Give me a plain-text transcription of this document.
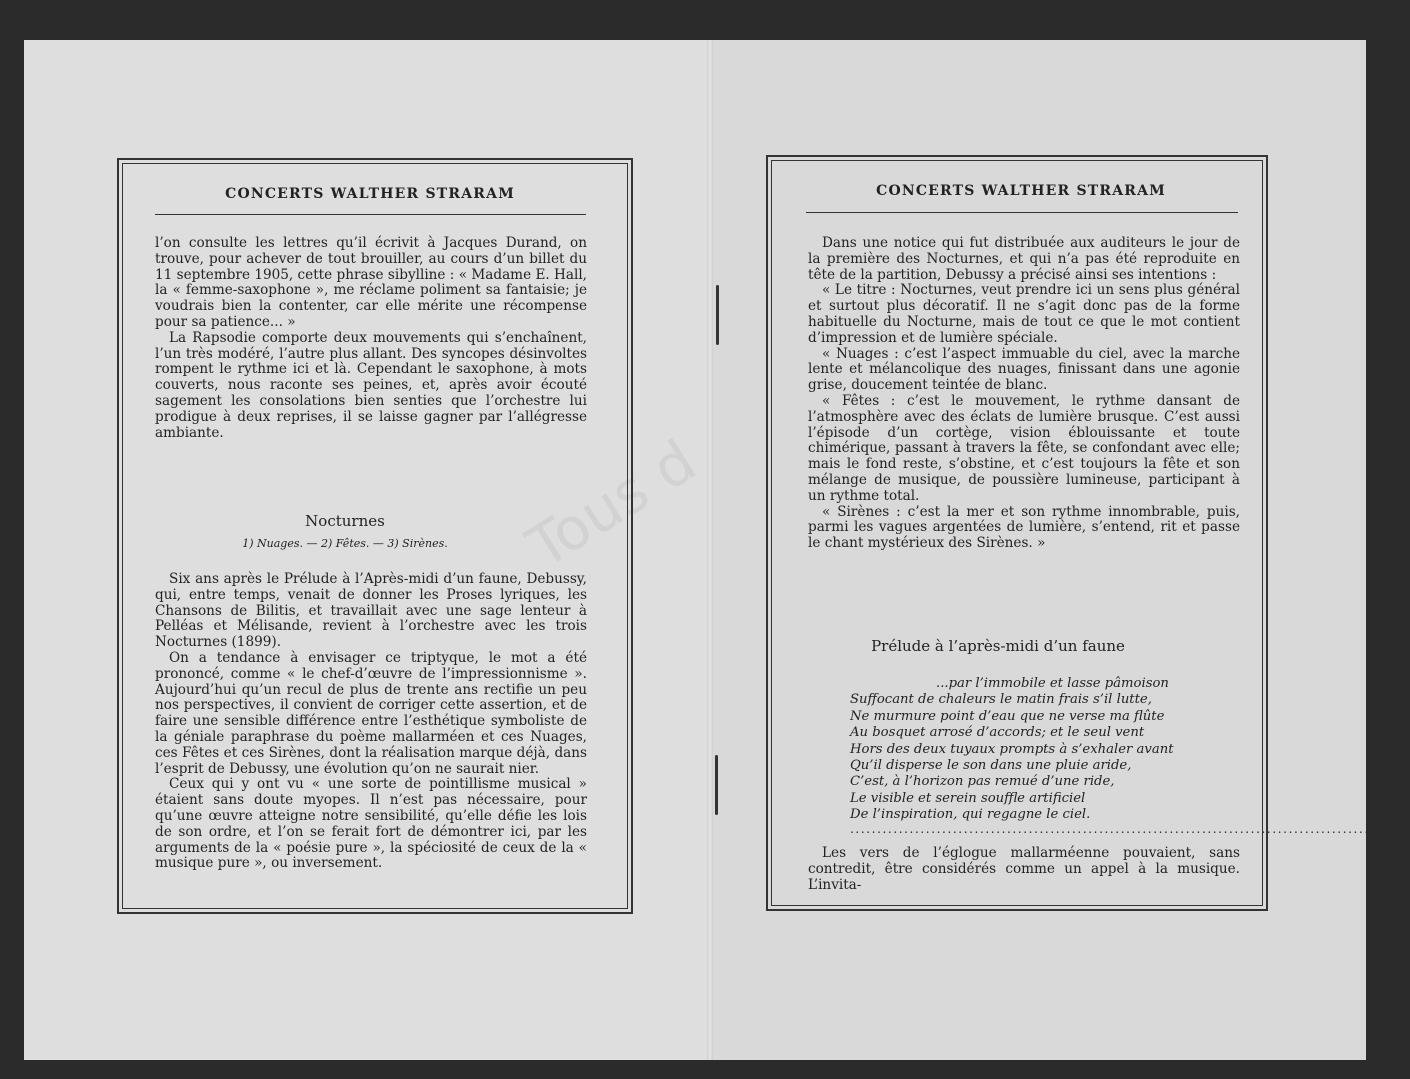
Tous d
CONCERTS WALTHER STRARAM

l’on consulte les lettres qu’il écrivit à Jacques Durand, on trouve, pour achever de tout brouiller, au cours d’un billet du 11 septembre 1905, cette phrase sibylline : « Madame E. Hall, la « femme-saxophone », me réclame poliment sa fantaisie; je voudrais bien la contenter, car elle mérite une récompense pour sa patience... »

La Rapsodie comporte deux mouvements qui s’enchaînent, l’un très modéré, l’autre plus allant. Des syncopes désinvoltes rompent le rythme ici et là. Cependant le saxophone, à mots couverts, nous raconte ses peines, et, après avoir écouté sagement les consolations bien senties que l’orchestre lui prodigue à deux reprises, il se laisse gagner par l’allégresse ambiante.

Nocturnes
1) Nuages. — 2) Fêtes. — 3) Sirènes.

Six ans après le Prélude à l’Après-midi d’un faune, Debussy, qui, entre temps, venait de donner les Proses lyriques, les Chansons de Bilitis, et travaillait avec une sage lenteur à Pelléas et Mélisande, revient à l’orchestre avec les trois Nocturnes (1899).

On a tendance à envisager ce triptyque, le mot a été prononcé, comme « le chef-d’œuvre de l’impressionnisme ». Aujourd’hui qu’un recul de plus de trente ans rectifie un peu nos perspectives, il convient de corriger cette assertion, et de faire une sensible différence entre l’esthétique symboliste de la géniale paraphrase du poème mallarméen et ces Nuages, ces Fêtes et ces Sirènes, dont la réalisation marque déjà, dans l’esprit de Debussy, une évolution qu’on ne saurait nier.

Ceux qui y ont vu « une sorte de pointillisme musical » étaient sans doute myopes. Il n’est pas nécessaire, pour qu’une œuvre atteigne notre sensibilité, qu’elle défie les lois de son ordre, et l’on se ferait fort de démontrer ici, par les arguments de la « poésie pure », la spéciosité de ceux de la « musique pure », ou inversement.

CONCERTS WALTHER STRARAM

Dans une notice qui fut distribuée aux auditeurs le jour de la première des Nocturnes, et qui n’a pas été reproduite en tête de la partition, Debussy a précisé ainsi ses intentions :

« Le titre : Nocturnes, veut prendre ici un sens plus général et surtout plus décoratif. Il ne s’agit donc pas de la forme habituelle du Nocturne, mais de tout ce que le mot contient d’impression et de lumière spéciale.

« Nuages : c’est l’aspect immuable du ciel, avec la marche lente et mélancolique des nuages, finissant dans une agonie grise, doucement teintée de blanc.

« Fêtes : c’est le mouvement, le rythme dansant de l’atmosphère avec des éclats de lumière brusque. C’est aussi l’épisode d’un cortège, vision éblouissante et toute chimérique, passant à travers la fête, se confondant avec elle; mais le fond reste, s’obstine, et c’est toujours la fête et son mélange de musique, de poussière lumineuse, participant à un rythme total.

« Sirènes : c’est la mer et son rythme innombrable, puis, parmi les vagues argentées de lumière, s’entend, rit et passe le chant mystérieux des Sirènes. »

Prélude à l’après-midi d’un faune
...par l’immobile et lasse pâmoison
Suffocant de chaleurs le matin frais s’il lutte,
Ne murmure point d’eau que ne verse ma flûte
Au bosquet arrosé d’accords; et le seul vent
Hors des deux tuyaux prompts à s’exhaler avant
Qu’il disperse le son dans une pluie aride,
C’est, à l’horizon pas remué d’une ride,
Le visible et serein souffle artificiel
De l’inspiration, qui regagne le ciel.
..................................................................................................

Les vers de l’églogue mallarméenne pouvaient, sans contredit, être considérés comme un appel à la musique. L’invita-
